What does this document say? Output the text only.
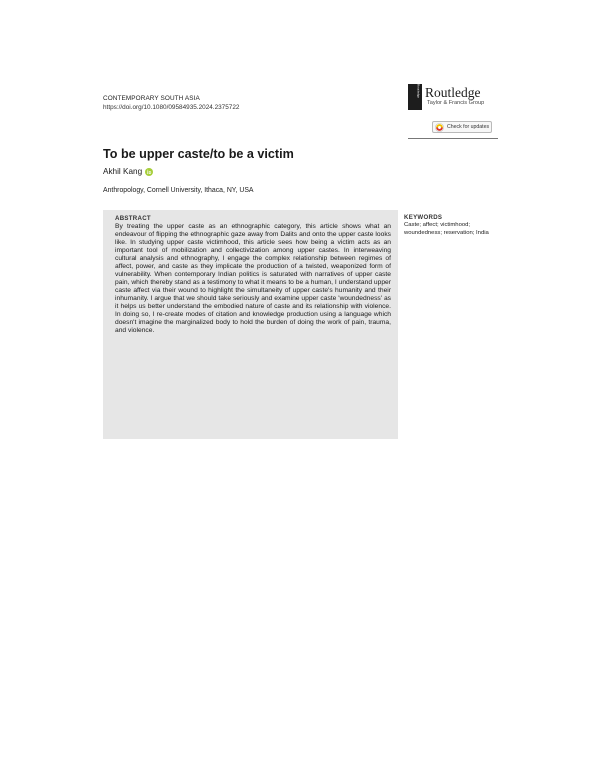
CONTEMPORARY SOUTH ASIA
https://doi.org/10.1080/09584935.2024.2375722
Routledge Routledge
Taylor & Francis Group
Check for updates
To be upper caste/to be a victim
Akhil Kang
Anthropology, Cornell University, Ithaca, NY, USA
ABSTRACT

By treating the upper caste as an ethnographic category, this article shows what an endeavour of flipping the ethnographic gaze away from Dalits and onto the upper caste looks like. In studying upper caste victimhood, this article sees how being a victim acts as an important tool of mobilization and collectivization among upper castes. In interweaving cultural analysis and ethnography, I engage the complex relationship between regimes of affect, power, and caste as they implicate the production of a twisted, weaponized form of vulnerability. When contemporary Indian politics is saturated with narratives of upper caste pain, which thereby stand as a testimony to what it means to be a human, I understand upper caste affect via their wound to highlight the simultaneity of upper caste's humanity and their inhumanity. I argue that we should take seriously and examine upper caste 'woundedness' as it helps us better understand the embodied nature of caste and its relationship with violence. In doing so, I re-create modes of citation and knowledge production using a language which doesn't imagine the marginalized body to hold the burden of doing the work of pain, trauma, and violence.

KEYWORDS

Caste; affect; victimhood; woundedness; reservation; India
